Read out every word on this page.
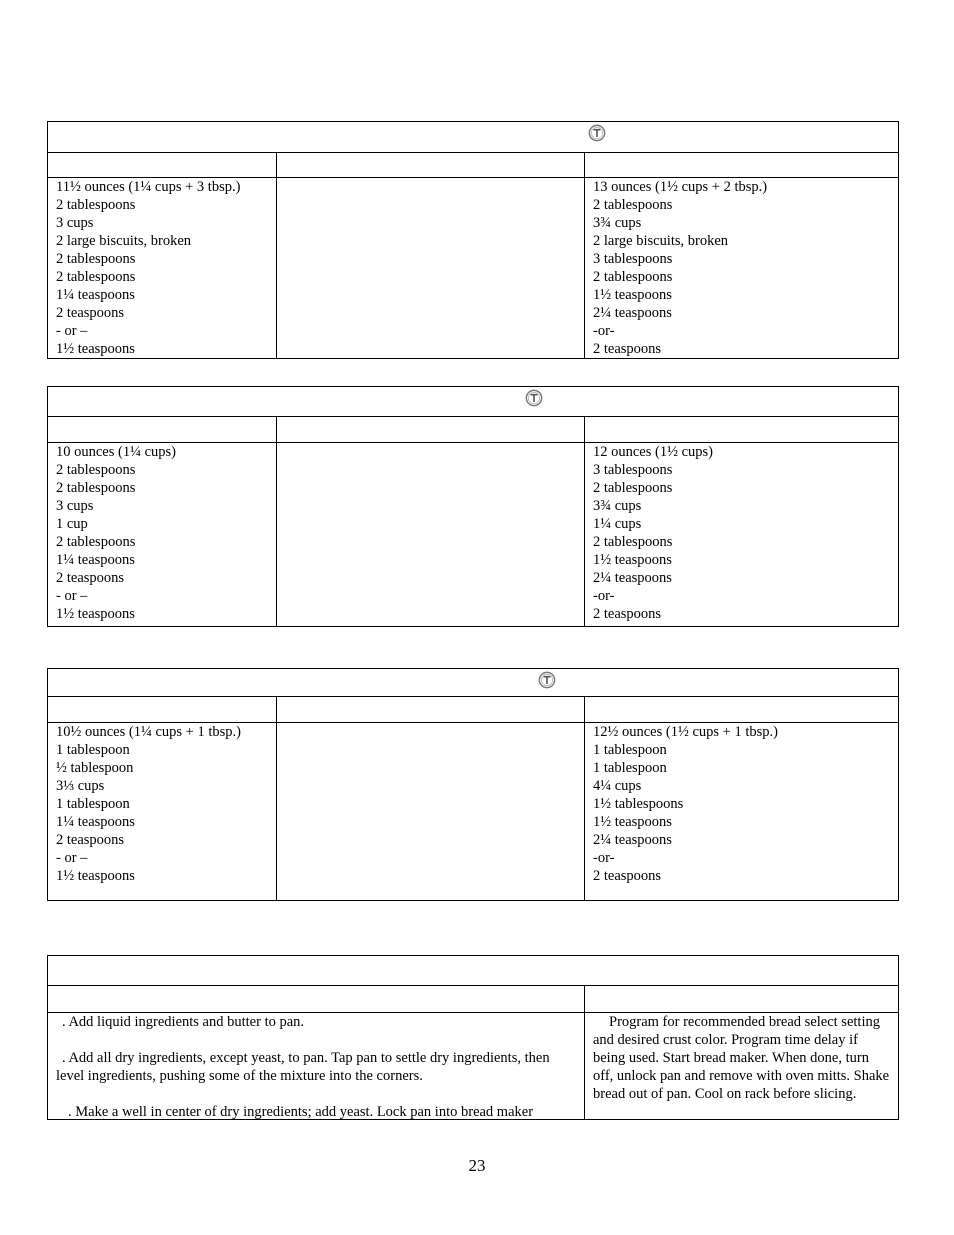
11½ ounces (1¼ cups + 3 tbsp.)
2 tablespoons
3 cups
2 large biscuits, broken
2 tablespoons
2 tablespoons
1¼ teaspoons
2 teaspoons
- or –
1½ teaspoons
13 ounces (1½ cups + 2 tbsp.)
2 tablespoons
3¾ cups
2 large biscuits, broken
3 tablespoons
2 tablespoons
1½ teaspoons
2¼ teaspoons
-or-
2 teaspoons
10 ounces (1¼ cups)
2 tablespoons
2 tablespoons
3 cups
1 cup
2 tablespoons
1¼ teaspoons
2 teaspoons
- or –
1½ teaspoons
12 ounces (1½ cups)
3 tablespoons
2 tablespoons
3¾ cups
1¼ cups
2 tablespoons
1½ teaspoons
2¼ teaspoons
-or-
2 teaspoons
10½ ounces (1¼ cups + 1 tbsp.)
1 tablespoon
½ tablespoon
3⅓ cups
1 tablespoon
1¼ teaspoons
2 teaspoons
- or –
1½ teaspoons
12½ ounces (1½ cups + 1 tbsp.)
1 tablespoon
1 tablespoon
4¼ cups
1½ tablespoons
1½ teaspoons
2¼ teaspoons
-or-
2 teaspoons

. Add liquid ingredients and butter to pan.

. Add all dry ingredients, except yeast, to pan. Tap pan to settle dry ingredients, then level ingredients, pushing some of the mixture into the corners.

. Make a well in center of dry ingredients; add yeast. Lock pan into bread maker

Program for recommended bread select setting and desired crust color. Program time delay if being used. Start bread maker. When done, turn off, unlock pan and remove with oven mitts. Shake bread out of pan. Cool on rack before slicing.

23
